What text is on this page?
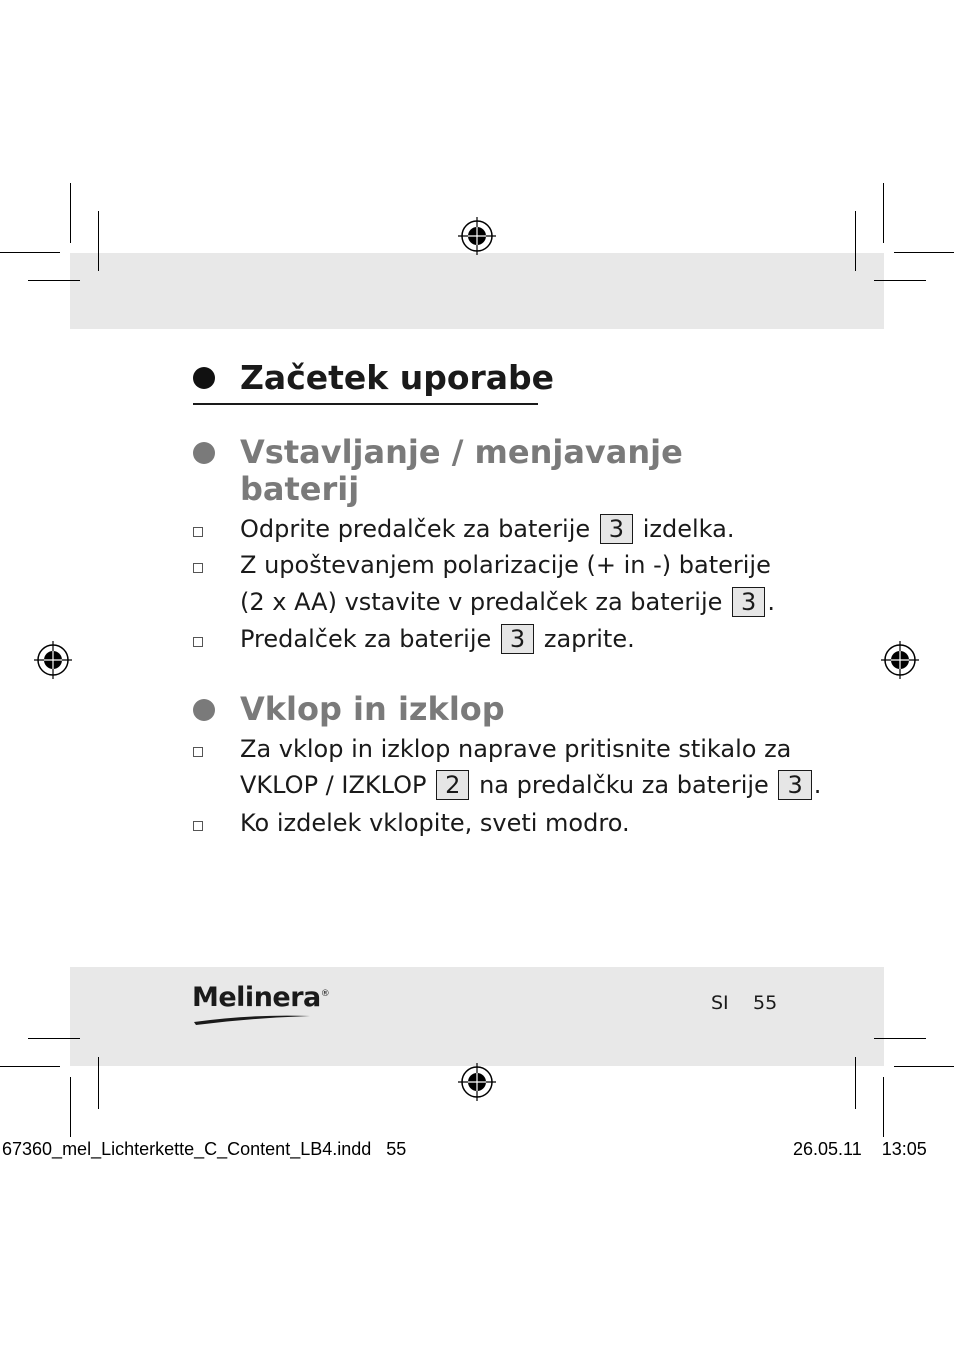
Začetek uporabe
Vstavljanje / menjavanje
baterij
Odprite predalček za baterije 3 izdelka.
Z upoštevanjem polarizacije (+ in -) baterije
(2 x AA) vstavite v predalček za baterije 3 .
Predalček za baterije 3 zaprite.
Vklop in izklop
Za vklop in izklop naprave pritisnite stikalo za
VKLOP / IZKLOP 2 na predalčku za baterije 3 .
Ko izdelek vklopite, sveti modro.
Melinera®	SI 55
67360_mel_Lichterkette_C_Content_LB4.indd 55	26.05.11 13:05
